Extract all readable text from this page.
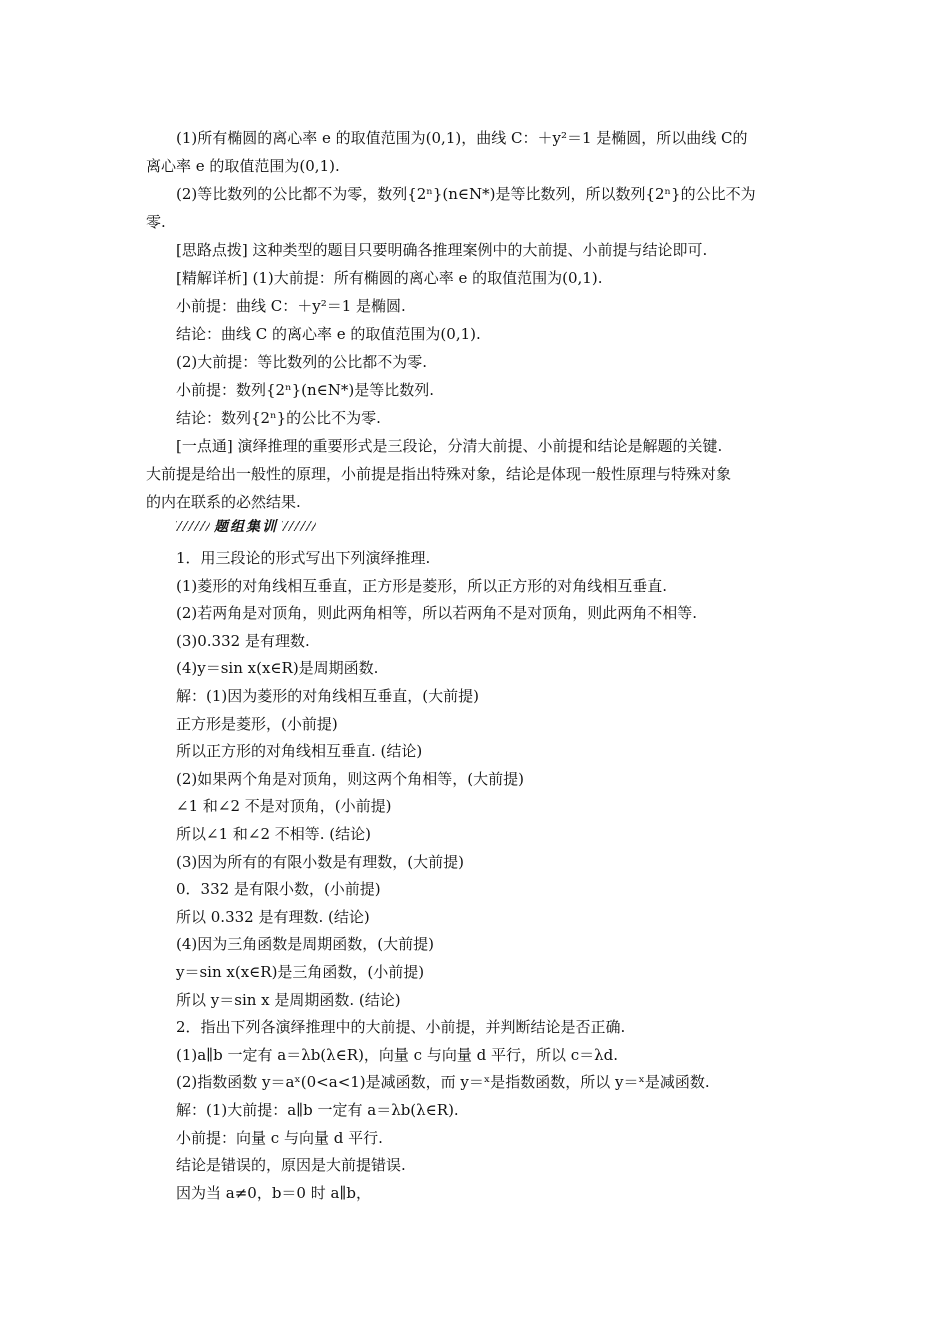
(1)所有椭圆的离心率 e 的取值范围为(0,1)，曲线 C：＋y²＝1 是椭圆，所以曲线 C的
离心率 e 的取值范围为(0,1).
(2)等比数列的公比都不为零，数列{2ⁿ}(n∈N*)是等比数列，所以数列{2ⁿ}的公比不为
零.
[思路点拨] 这种类型的题目只要明确各推理案例中的大前提、小前提与结论即可.
[精解详析] (1)大前提：所有椭圆的离心率 e 的取值范围为(0,1).
小前提：曲线 C：＋y²＝1 是椭圆.
结论：曲线 C 的离心率 e 的取值范围为(0,1).
(2)大前提：等比数列的公比都不为零.
小前提：数列{2ⁿ}(n∈N*)是等比数列.
结论：数列{2ⁿ}的公比不为零.
[一点通] 演绎推理的重要形式是三段论，分清大前提、小前提和结论是解题的关键.
大前提是给出一般性的原理，小前提是指出特殊对象，结论是体现一般性原理与特殊对象
的内在联系的必然结果.
题组集训
1．用三段论的形式写出下列演绎推理.
(1)菱形的对角线相互垂直，正方形是菱形，所以正方形的对角线相互垂直.
(2)若两角是对顶角，则此两角相等，所以若两角不是对顶角，则此两角不相等.
(3)0.332 是有理数.
(4)y＝sin x(x∈R)是周期函数.
解：(1)因为菱形的对角线相互垂直，(大前提)
正方形是菱形，(小前提)
所以正方形的对角线相互垂直. (结论)
(2)如果两个角是对顶角，则这两个角相等，(大前提)
∠1 和∠2 不是对顶角，(小前提)
所以∠1 和∠2 不相等. (结论)
(3)因为所有的有限小数是有理数，(大前提)
0．332 是有限小数，(小前提)
所以 0.332 是有理数. (结论)
(4)因为三角函数是周期函数，(大前提)
y＝sin x(x∈R)是三角函数，(小前提)
所以 y＝sin x 是周期函数. (结论)
2．指出下列各演绎推理中的大前提、小前提，并判断结论是否正确.
(1)a∥b 一定有 a＝λb(λ∈R)，向量 c 与向量 d 平行，所以 c＝λd.
(2)指数函数 y＝aˣ(0<a<1)是减函数，而 y＝ˣ是指数函数，所以 y＝ˣ是减函数.
解：(1)大前提：a∥b 一定有 a＝λb(λ∈R).
小前提：向量 c 与向量 d 平行.
结论是错误的，原因是大前提错误.
因为当 a≠0，b＝0 时 a∥b，
